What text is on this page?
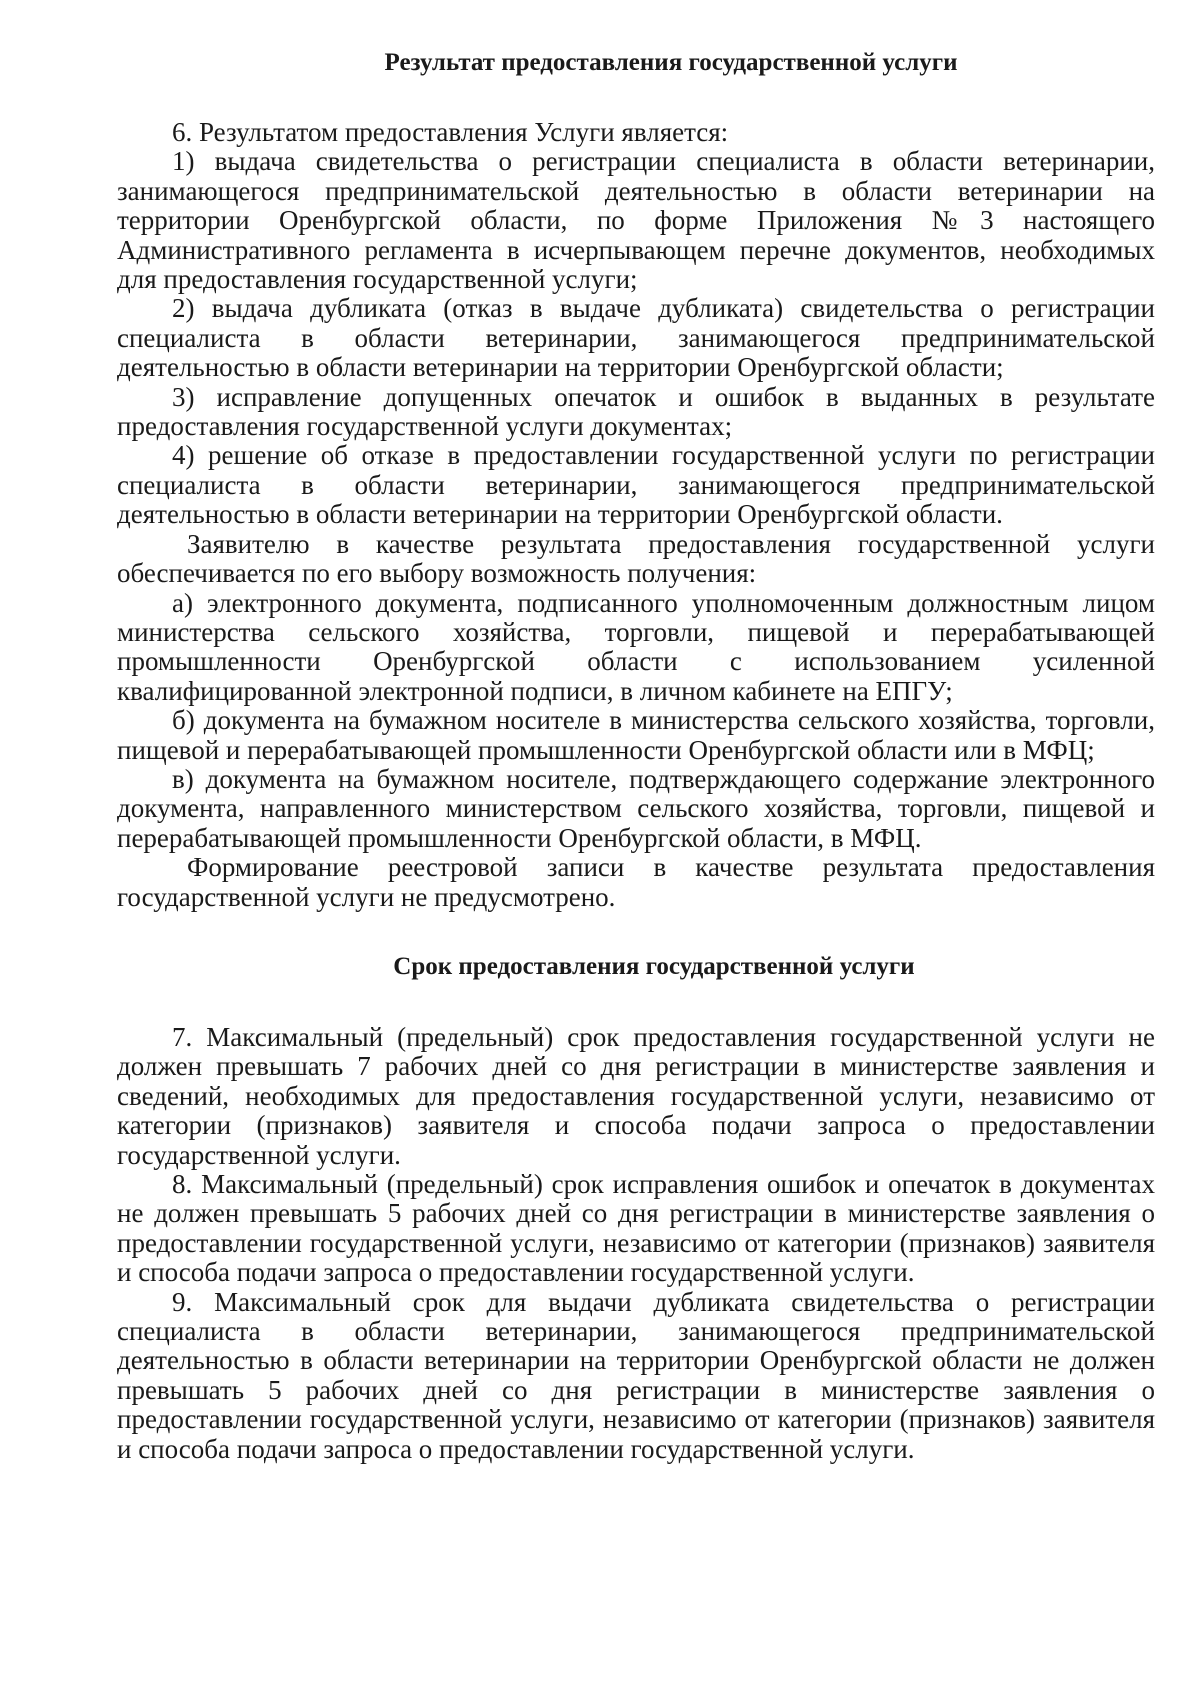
Результат предоставления государственной услуги

6. Результатом предоставления Услуги является:

1) выдача свидетельства о регистрации специалиста в области ветеринарии, занимающегося предпринимательской деятельностью в области ветеринарии на территории Оренбургской области, по форме Приложения №3 настоящего Административного регламента в исчерпывающем перечне документов, необходимых для предоставления государственной услуги;

2) выдача дубликата (отказ в выдаче дубликата) свидетельства о регистрации специалиста в области ветеринарии, занимающегося предпринимательской деятельностью в области ветеринарии на территории Оренбургской области;

3) исправление допущенных опечаток и ошибок в выданных в результате предоставления государственной услуги документах;

4) решение об отказе в предоставлении государственной услуги по регистрации специалиста в области ветеринарии, занимающегося предпринимательской деятельностью в области ветеринарии на территории Оренбургской области.

Заявителю в качестве результата предоставления государственной услуги обеспечивается по его выбору возможность получения:

а) электронного документа, подписанного уполномоченным должностным лицом министерства сельского хозяйства, торговли, пищевой и перерабатывающей промышленности Оренбургской области с использованием усиленной квалифицированной электронной подписи, в личном кабинете на ЕПГУ;

б) документа на бумажном носителе в министерства сельского хозяйства, торговли, пищевой и перерабатывающей промышленности Оренбургской области или в МФЦ;

в) документа на бумажном носителе, подтверждающего содержание электронного документа, направленного министерством сельского хозяйства, торговли, пищевой и перерабатывающей промышленности Оренбургской области, в МФЦ.

Формирование реестровой записи в качестве результата предоставления государственной услуги не предусмотрено.

Срок предоставления государственной услуги

7. Максимальный (предельный) срок предоставления государственной услуги не должен превышать 7 рабочих дней со дня регистрации в министерстве заявления и сведений, необходимых для предоставления государственной услуги, независимо от категории (признаков) заявителя и способа подачи запроса о предоставлении государственной услуги.

8. Максимальный (предельный) срок исправления ошибок и опечаток в документах не должен превышать 5 рабочих дней со дня регистрации в министерстве заявления о предоставлении государственной услуги, независимо от категории (признаков) заявителя и способа подачи запроса о предоставлении государственной услуги.

9. Максимальный срок для выдачи дубликата свидетельства о регистрации специалиста в области ветеринарии, занимающегося предпринимательской деятельностью в области ветеринарии на территории Оренбургской области не должен превышать 5 рабочих дней со дня регистрации в министерстве заявления о предоставлении государственной услуги, независимо от категории (признаков) заявителя и способа подачи запроса о предоставлении государственной услуги.
